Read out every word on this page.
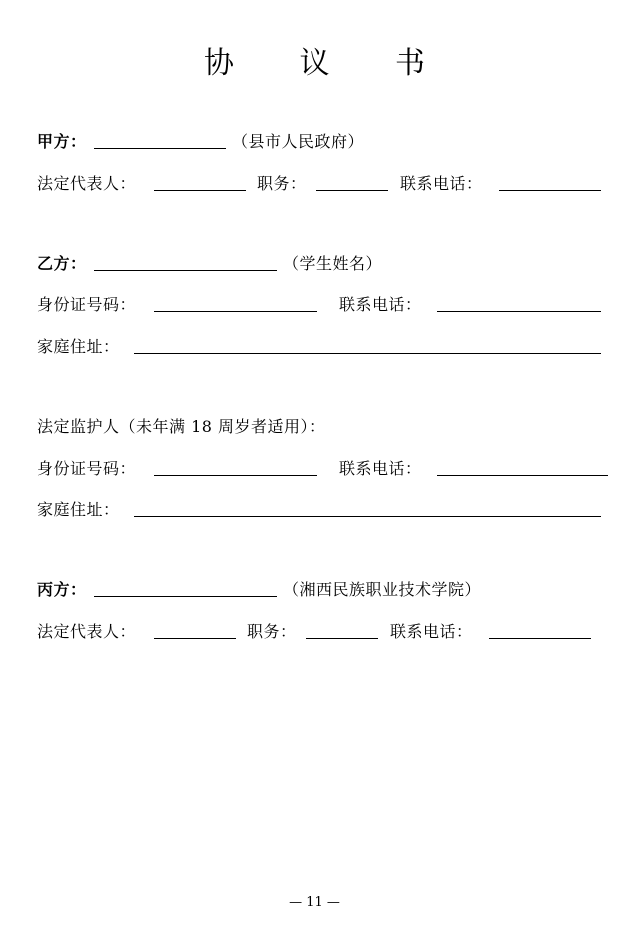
协 议 书
甲方：	（县市人民政府）
法定代表人：	职务：	联系电话：
乙方：	（学生姓名）
身份证号码：	联系电话：
家庭住址：
法定监护人（未年满 18 周岁者适用）：
身份证号码：	联系电话：
家庭住址：
丙方：	（湘西民族职业技术学院）
法定代表人：	职务：	联系电话：
— 11 —
